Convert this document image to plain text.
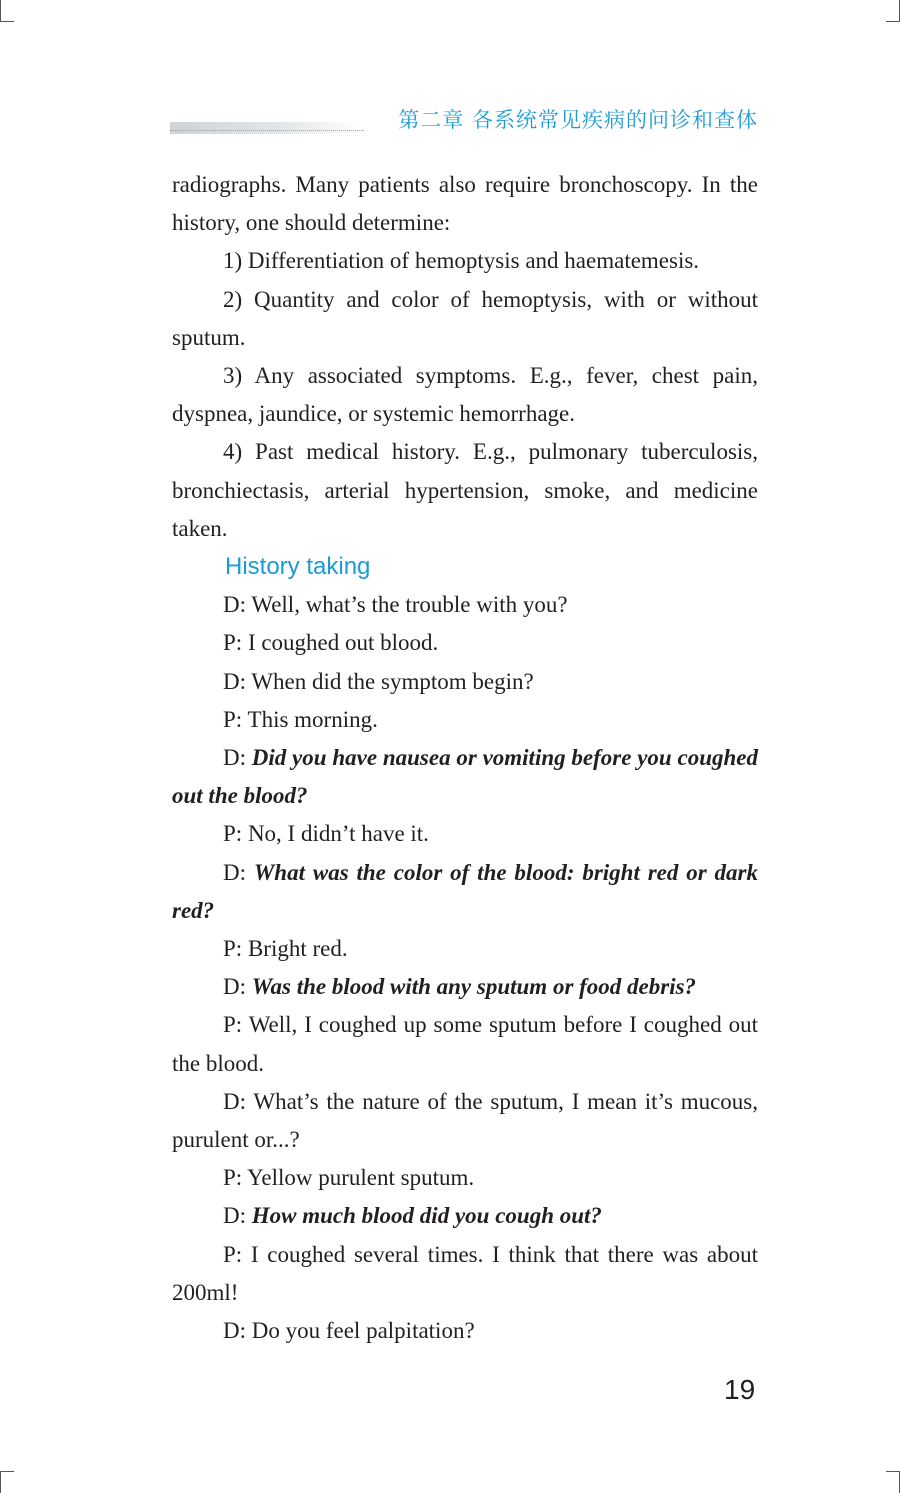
第二章 各系统常见疾病的问诊和查体

radiographs. Many patients also require bronchoscopy. In the history, one should determine:

1) Differentiation of hemoptysis and haematemesis.

2) Quantity and color of hemoptysis, with or without sputum.

3) Any associated symptoms. E.g., fever, chest pain, dyspnea, jaundice, or systemic hemorrhage.

4) Past medical history. E.g., pulmonary tuberculosis, bronchiectasis, arterial hypertension, smoke, and medicine taken.

History taking

D: Well, what’s the trouble with you?

P: I coughed out blood.

D: When did the symptom begin?

P: This morning.

D: Did you have nausea or vomiting before you coughed out the blood?

P: No, I didn’t have it.

D: What was the color of the blood: bright red or dark red?

P: Bright red.

D: Was the blood with any sputum or food debris?

P: Well, I coughed up some sputum before I coughed out the blood.

D: What’s the nature of the sputum, I mean it’s mucous, purulent or...?

P: Yellow purulent sputum.

D: How much blood did you cough out?

P: I coughed several times. I think that there was about 200ml!

D: Do you feel palpitation?

19
